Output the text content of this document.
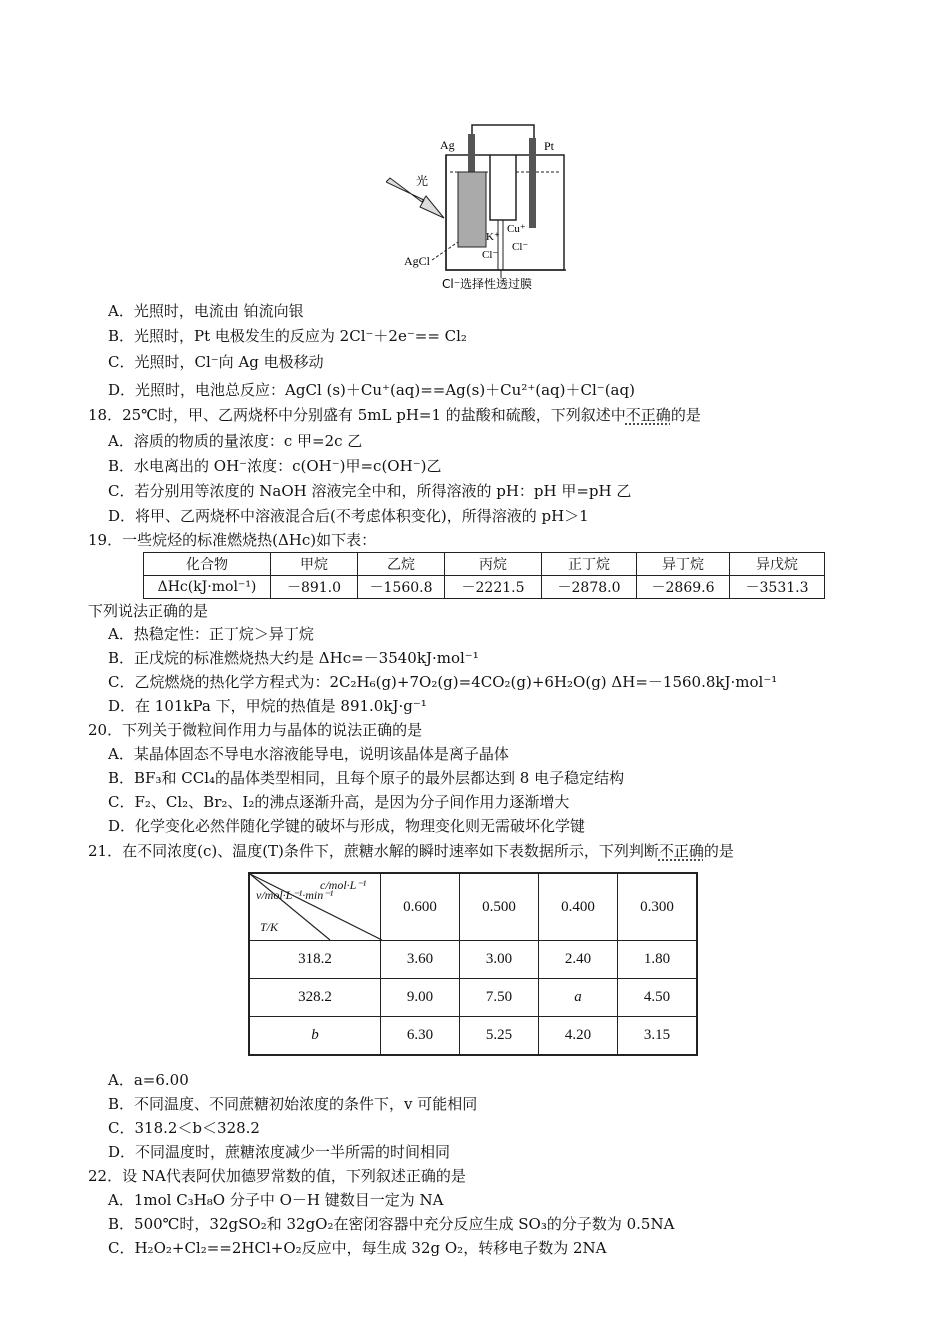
Ag	Pt
光
K⁺
Cl⁻
Cu⁺
Cl⁻
AgCl
Cl⁻选择性透过膜
A．光照时，电流由 铂流向银
B．光照时，Pt 电极发生的反应为 2Cl⁻＋2e⁻== Cl₂
C．光照时，Cl⁻向 Ag 电极移动
D．光照时，电池总反应：AgCl (s)＋Cu⁺(aq)==Ag(s)＋Cu²⁺(aq)＋Cl⁻(aq)
18．25℃时，甲、乙两烧杯中分别盛有 5mL pH=1 的盐酸和硫酸，下列叙述中不正确的是
A．溶质的物质的量浓度：c 甲=2c 乙
B．水电离出的 OH⁻浓度：c(OH⁻)甲=c(OH⁻)乙
C．若分别用等浓度的 NaOH 溶液完全中和，所得溶液的 pH：pH 甲=pH 乙
D．将甲、乙两烧杯中溶液混合后(不考虑体积变化)，所得溶液的 pH＞1
19．一些烷烃的标准燃烧热(ΔHc)如下表：
化合物	甲烷	乙烷	丙烷	正丁烷	异丁烷	异戊烷
ΔHc(kJ·mol⁻¹)	－891.0	－1560.8	－2221.5	－2878.0	－2869.6	－3531.3
下列说法正确的是
A．热稳定性：正丁烷＞异丁烷
B．正戊烷的标准燃烧热大约是 ΔHc=－3540kJ·mol⁻¹
C．乙烷燃烧的热化学方程式为：2C₂H₆(g)+7O₂(g)=4CO₂(g)+6H₂O(g) ΔH=－1560.8kJ·mol⁻¹
D．在 101kPa 下，甲烷的热值是 891.0kJ·g⁻¹
20．下列关于微粒间作用力与晶体的说法正确的是
A．某晶体固态不导电水溶液能导电，说明该晶体是离子晶体
B．BF₃和 CCl₄的晶体类型相同，且每个原子的最外层都达到 8 电子稳定结构
C．F₂、Cl₂、Br₂、I₂的沸点逐渐升高，是因为分子间作用力逐渐增大
D．化学变化必然伴随化学键的破坏与形成，物理变化则无需破坏化学键
21．在不同浓度(c)、温度(T)条件下，蔗糖水解的瞬时速率如下表数据所示，下列判断不正确的是
c/mol·L⁻¹
v/mol·L⁻¹·min⁻¹
T/K	0.600	0.500	0.400	0.300
318.2	3.60	3.00	2.40	1.80
328.2	9.00	7.50	a	4.50
b	6.30	5.25	4.20	3.15
A．a=6.00
B．不同温度、不同蔗糖初始浓度的条件下，v 可能相同
C．318.2＜b＜328.2
D．不同温度时，蔗糖浓度减少一半所需的时间相同
22．设 NA代表阿伏加德罗常数的值，下列叙述正确的是
A．1mol C₃H₈O 分子中 O－H 键数目一定为 NA
B．500℃时，32gSO₂和 32gO₂在密闭容器中充分反应生成 SO₃的分子数为 0.5NA
C．H₂O₂+Cl₂==2HCl+O₂反应中，每生成 32g O₂，转移电子数为 2NA
